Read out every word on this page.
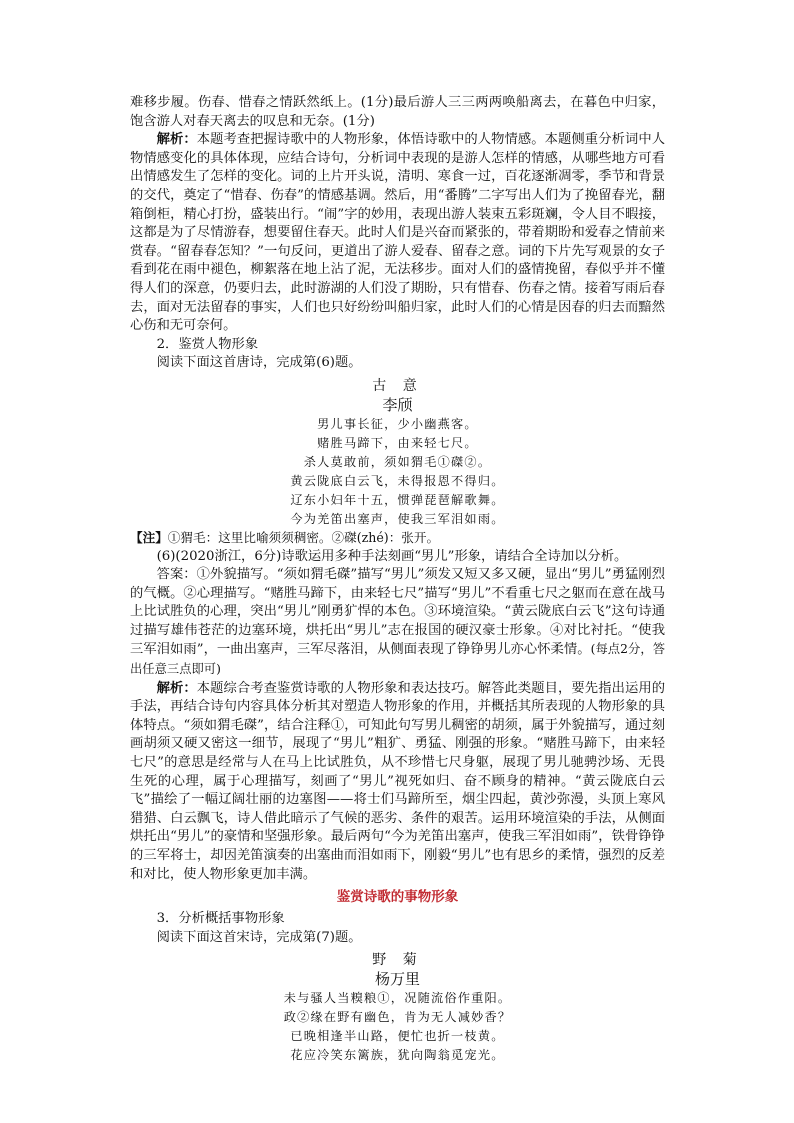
难移步履。伤春、惜春之情跃然纸上。(1分)最后游人三三两两唤船离去，在暮色中归家，饱含游人对春天离去的叹息和无奈。(1分)

解析：本题考查把握诗歌中的人物形象，体悟诗歌中的人物情感。本题侧重分析词中人物情感变化的具体体现，应结合诗句，分析词中表现的是游人怎样的情感，从哪些地方可看出情感发生了怎样的变化。词的上片开头说，清明、寒食一过，百花逐渐凋零，季节和背景的交代，奠定了“惜春、伤春”的情感基调。然后，用“番腾”二字写出人们为了挽留春光，翻箱倒柜，精心打扮，盛装出行。“闹”字的妙用，表现出游人装束五彩斑斓，令人目不暇接，这都是为了尽情游春，想要留住春天。此时人们是兴奋而紧张的，带着期盼和爱春之情前来赏春。“留春春怎知？”一句反问，更道出了游人爱春、留春之意。词的下片先写观景的女子看到花在雨中褪色，柳絮落在地上沾了泥，无法移步。面对人们的盛情挽留，春似乎并不懂得人们的深意，仍要归去，此时游湖的人们没了期盼，只有惜春、伤春之情。接着写雨后春去，面对无法留春的事实，人们也只好纷纷叫船归家，此时人们的心情是因春的归去而黯然心伤和无可奈何。

2．鉴赏人物形象

阅读下面这首唐诗，完成第(6)题。

古 意
李颀
男儿事长征，少小幽燕客。
赌胜马蹄下，由来轻七尺。
杀人莫敢前，须如猬毛①磔②。
黄云陇底白云飞，未得报恩不得归。
辽东小妇年十五，惯弹琵琶解歌舞。
今为羌笛出塞声，使我三军泪如雨。

【注】①猬毛：这里比喻须须稠密。②磔(zhé)：张开。

(6)(2020浙江，6分)诗歌运用多种手法刻画“男儿”形象，请结合全诗加以分析。

答案：①外貌描写。“须如猬毛磔”描写“男儿”须发又短又多又硬，显出“男儿”勇猛刚烈的气概。②心理描写。“赌胜马蹄下，由来轻七尺”描写“男儿”不看重七尺之躯而在意在战马上比试胜负的心理，突出“男儿”刚勇犷悍的本色。③环境渲染。“黄云陇底白云飞”这句诗通过描写雄伟苍茫的边塞环境，烘托出“男儿”志在报国的硬汉豪士形象。④对比衬托。“使我三军泪如雨”，一曲出塞声，三军尽落泪，从侧面表现了铮铮男儿亦心怀柔情。(每点2分，答出任意三点即可)

解析：本题综合考查鉴赏诗歌的人物形象和表达技巧。解答此类题目，要先指出运用的手法，再结合诗句内容具体分析其对塑造人物形象的作用，并概括其所表现的人物形象的具体特点。“须如猬毛磔”，结合注释①，可知此句写男儿稠密的胡须，属于外貌描写，通过刻画胡须又硬又密这一细节，展现了“男儿”粗犷、勇猛、刚强的形象。“赌胜马蹄下，由来轻七尺”的意思是经常与人在马上比试胜负，从不珍惜七尺身躯，展现了男儿驰骋沙场、无畏生死的心理，属于心理描写，刻画了“男儿”视死如归、奋不顾身的精神。“黄云陇底白云飞”描绘了一幅辽阔壮丽的边塞图——将士们马蹄所至，烟尘四起，黄沙弥漫，头顶上寒风猎猎、白云飘飞，诗人借此暗示了气候的恶劣、条件的艰苦。运用环境渲染的手法，从侧面烘托出“男儿”的豪情和坚强形象。最后两句“今为羌笛出塞声，使我三军泪如雨”，铁骨铮铮的三军将士，却因羌笛演奏的出塞曲而泪如雨下，刚毅“男儿”也有思乡的柔情，强烈的反差和对比，使人物形象更加丰满。

鉴赏诗歌的事物形象

3．分析概括事物形象

阅读下面这首宋诗，完成第(7)题。

野 菊
杨万里
未与骚人当糗粮①，况随流俗作重阳。
政②缘在野有幽色，肯为无人减妙香？
已晚相逢半山路，便忙也折一枝黄。
花应冷笑东篱族，犹向陶翁觅宠光。
